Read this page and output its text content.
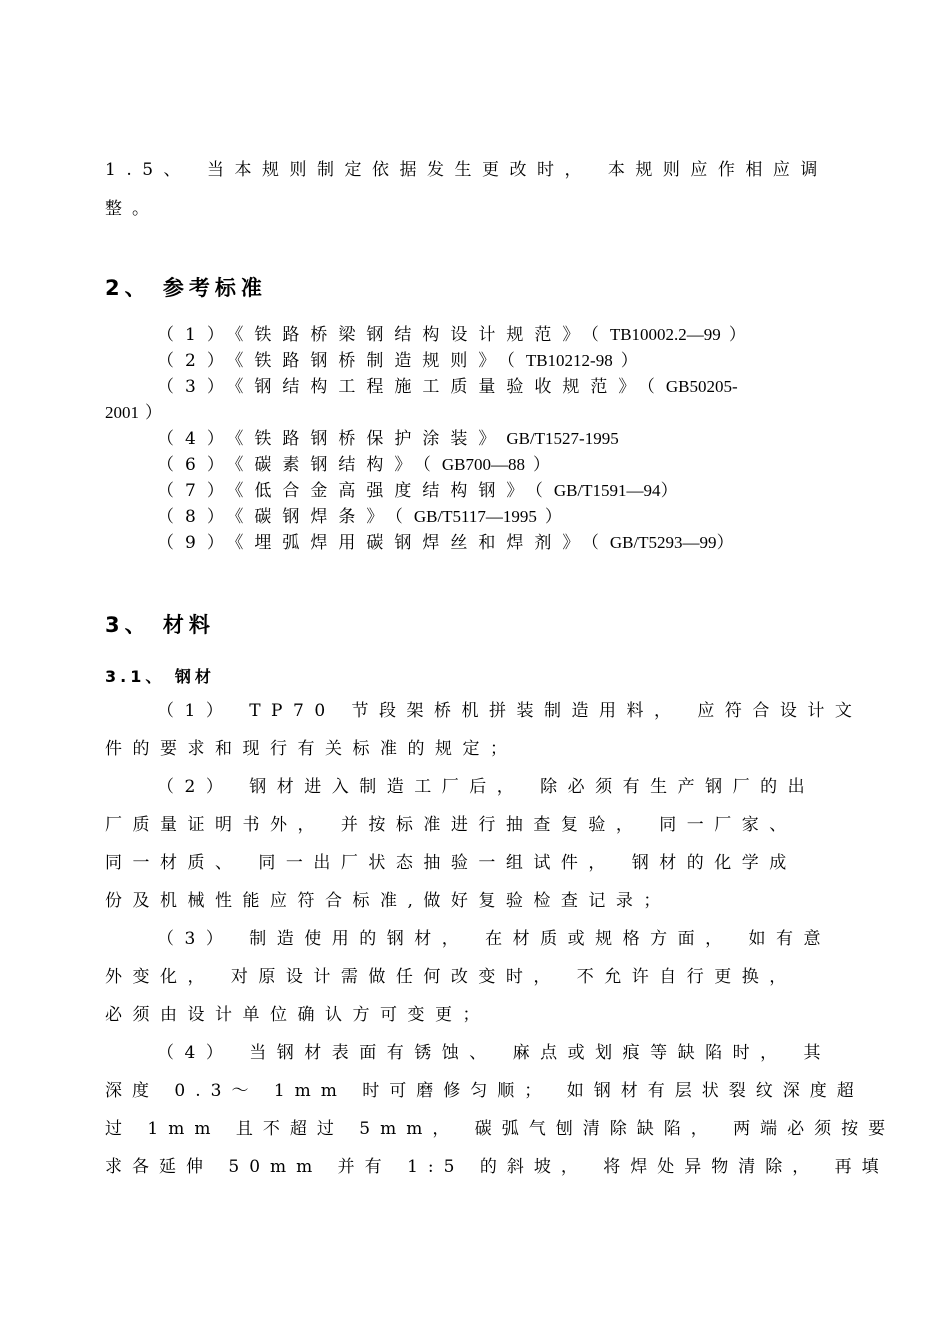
1.5、 当本规则制定依据发生更改时， 本规则应作相应调
整。
2、 参考标准
（1）《铁路桥梁钢结构设计规范》（TB10002.2—99 ）
（2）《铁路钢桥制造规则》（TB10212-98 ）
（3）《钢结构工程施工质量验收规范》（GB50205-
2001 ）
（4）《铁路钢桥保护涂装》GB/T1527-1995
（6）《碳素钢结构》（GB700—88 ）
（7）《低合金高强度结构钢》（GB/T1591—94）
（8）《碳钢焊条》（GB/T5117—1995 ）
（9）《埋弧焊用碳钢焊丝和焊剂》（GB/T5293—99）
3、 材料
3.1、 钢材
（1） TP70 节段架桥机拼装制造用料， 应符合设计文
件的要求和现行有关标准的规定；
（2） 钢材进入制造工厂后， 除必须有生产钢厂的出
厂质量证明书外， 并按标准进行抽查复验， 同一厂家、
同一材质、 同一出厂状态抽验一组试件， 钢材的化学成
份及机械性能应符合标准,做好复验检查记录；
（3） 制造使用的钢材， 在材质或规格方面， 如有意
外变化， 对原设计需做任何改变时， 不允许自行更换，
必须由设计单位确认方可变更；
（4） 当钢材表面有锈蚀、 麻点或划痕等缺陷时， 其
深度 0.3～ 1mm 时可磨修匀顺； 如钢材有层状裂纹深度超
过 1mm 且不超过 5mm， 碳弧气刨清除缺陷， 两端必须按要
求各延伸 50mm 并有 1:5 的斜坡， 将焊处异物清除， 再填
